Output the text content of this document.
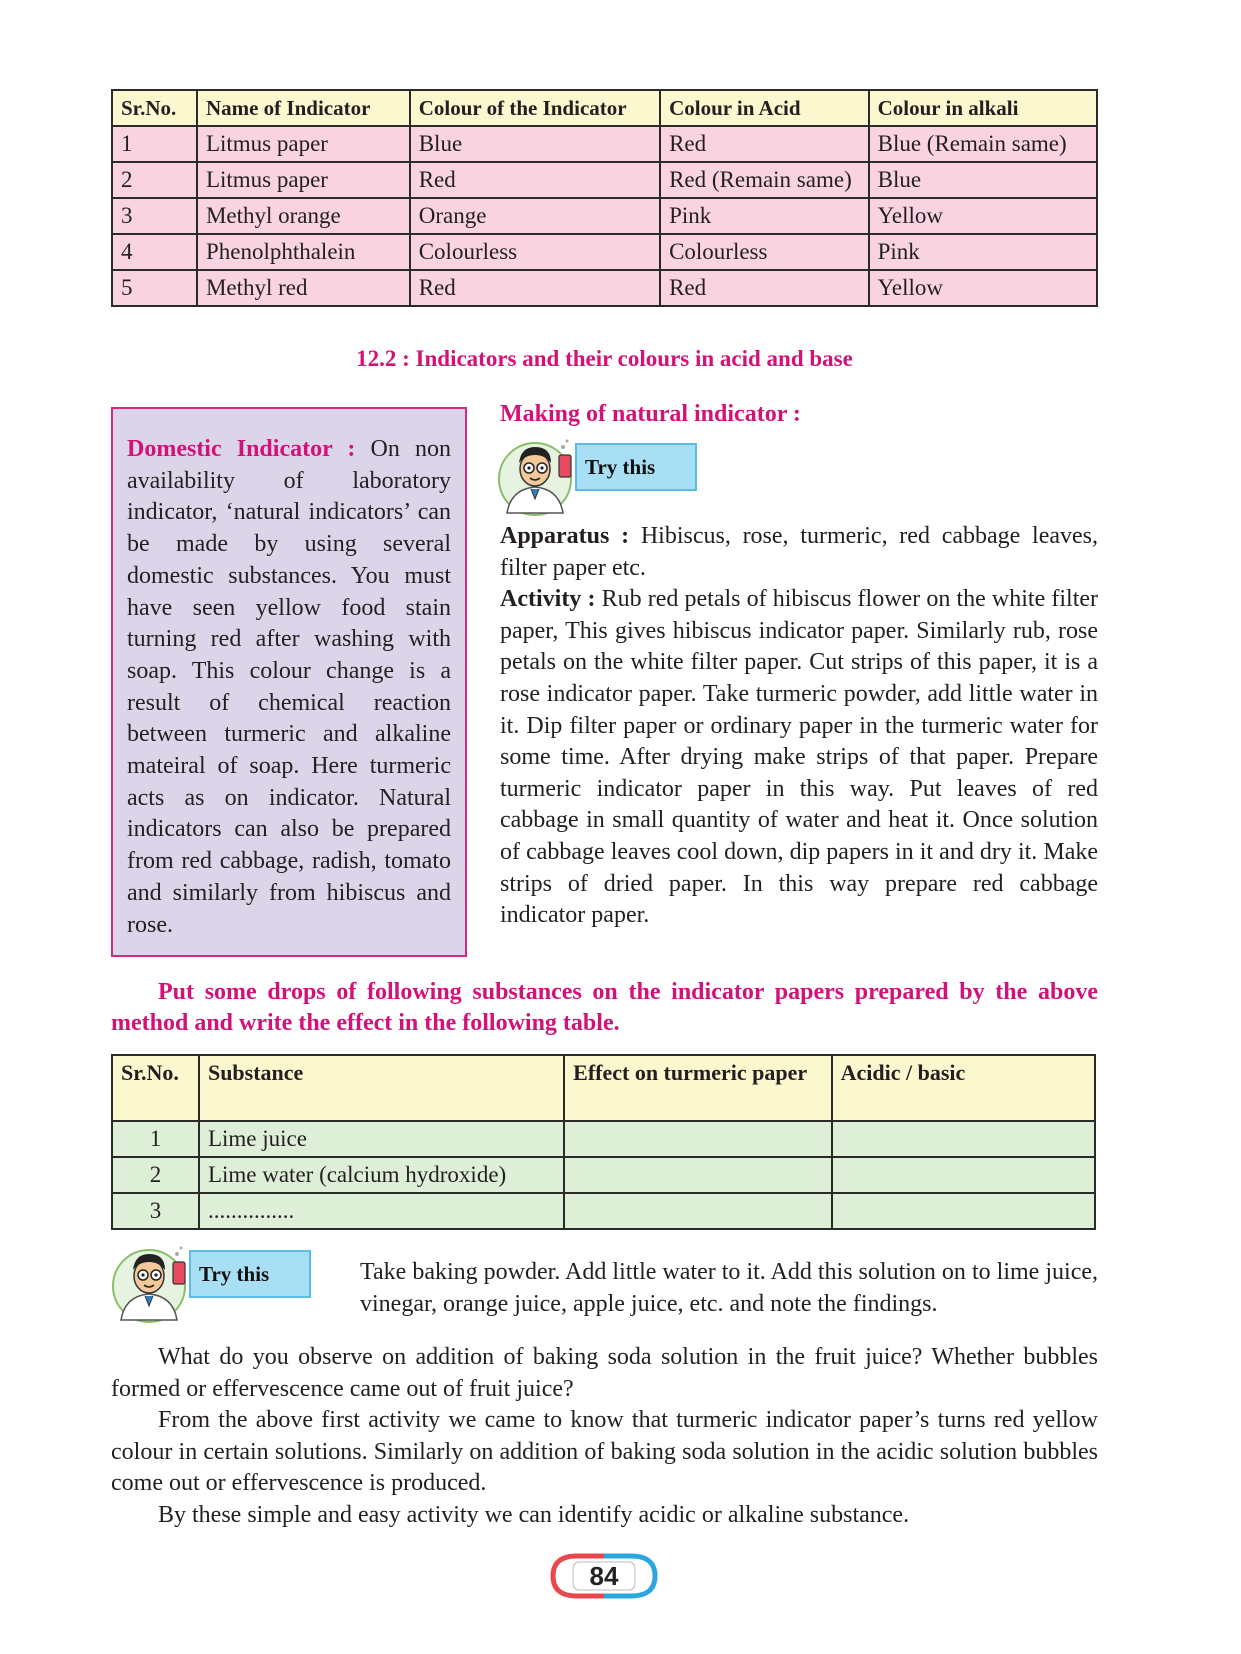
Sr.No.	Name of Indicator	Colour of the Indicator	Colour in Acid	Colour in alkali
1	Litmus paper	Blue	Red	Blue (Remain same)
2	Litmus paper	Red	Red (Remain same)	Blue
3	Methyl orange	Orange	Pink	Yellow
4	Phenolphthalein	Colourless	Colourless	Pink
5	Methyl red	Red	Red	Yellow
12.2 : Indicators and their colours in acid and base

Domestic Indicator : On non availability of laboratory indicator, ‘natural indicators’ can be made by using several domestic substances. You must have seen yellow food stain turning red after washing with soap. This colour change is a result of chemical reaction between turmeric and alkaline mateiral of soap. Here turmeric acts as on indicator. Natural indicators can also be prepared from red cabbage, radish, tomato and similarly from hibiscus and rose.

Making of natural indicator :
Try this

Apparatus : Hibiscus, rose, turmeric, red cabbage leaves, filter paper etc.

Activity : Rub red petals of hibiscus flower on the white filter paper, This gives hibiscus indicator paper. Similarly rub, rose petals on the white filter paper. Cut strips of this paper, it is a rose indicator paper. Take turmeric powder, add little water in it. Dip filter paper or ordinary paper in the turmeric water for some time. After drying make strips of that paper. Prepare turmeric indicator paper in this way. Put leaves of red cabbage in small quantity of water and heat it. Once solution of cabbage leaves cool down, dip papers in it and dry it. Make strips of dried paper. In this way prepare red cabbage indicator paper.

Put some drops of following substances on the indicator papers prepared by the above method and write the effect in the following table.

Sr.No.	Substance	Effect on turmeric paper	Acidic / basic
1	Lime juice		
2	Lime water (calcium hydroxide)		
3	...............		
Try this	Take baking powder. Add little water to it. Add this solution on to lime juice, vinegar, orange juice, apple juice, etc. and note the findings.

What do you observe on addition of baking soda solution in the fruit juice? Whether bubbles formed or effervescence came out of fruit juice?

From the above first activity we came to know that turmeric indicator paper’s turns red yellow colour in certain solutions. Similarly on addition of baking soda solution in the acidic solution bubbles come out or effervescence is produced.

By these simple and easy activity we can identify acidic or alkaline substance.

84
